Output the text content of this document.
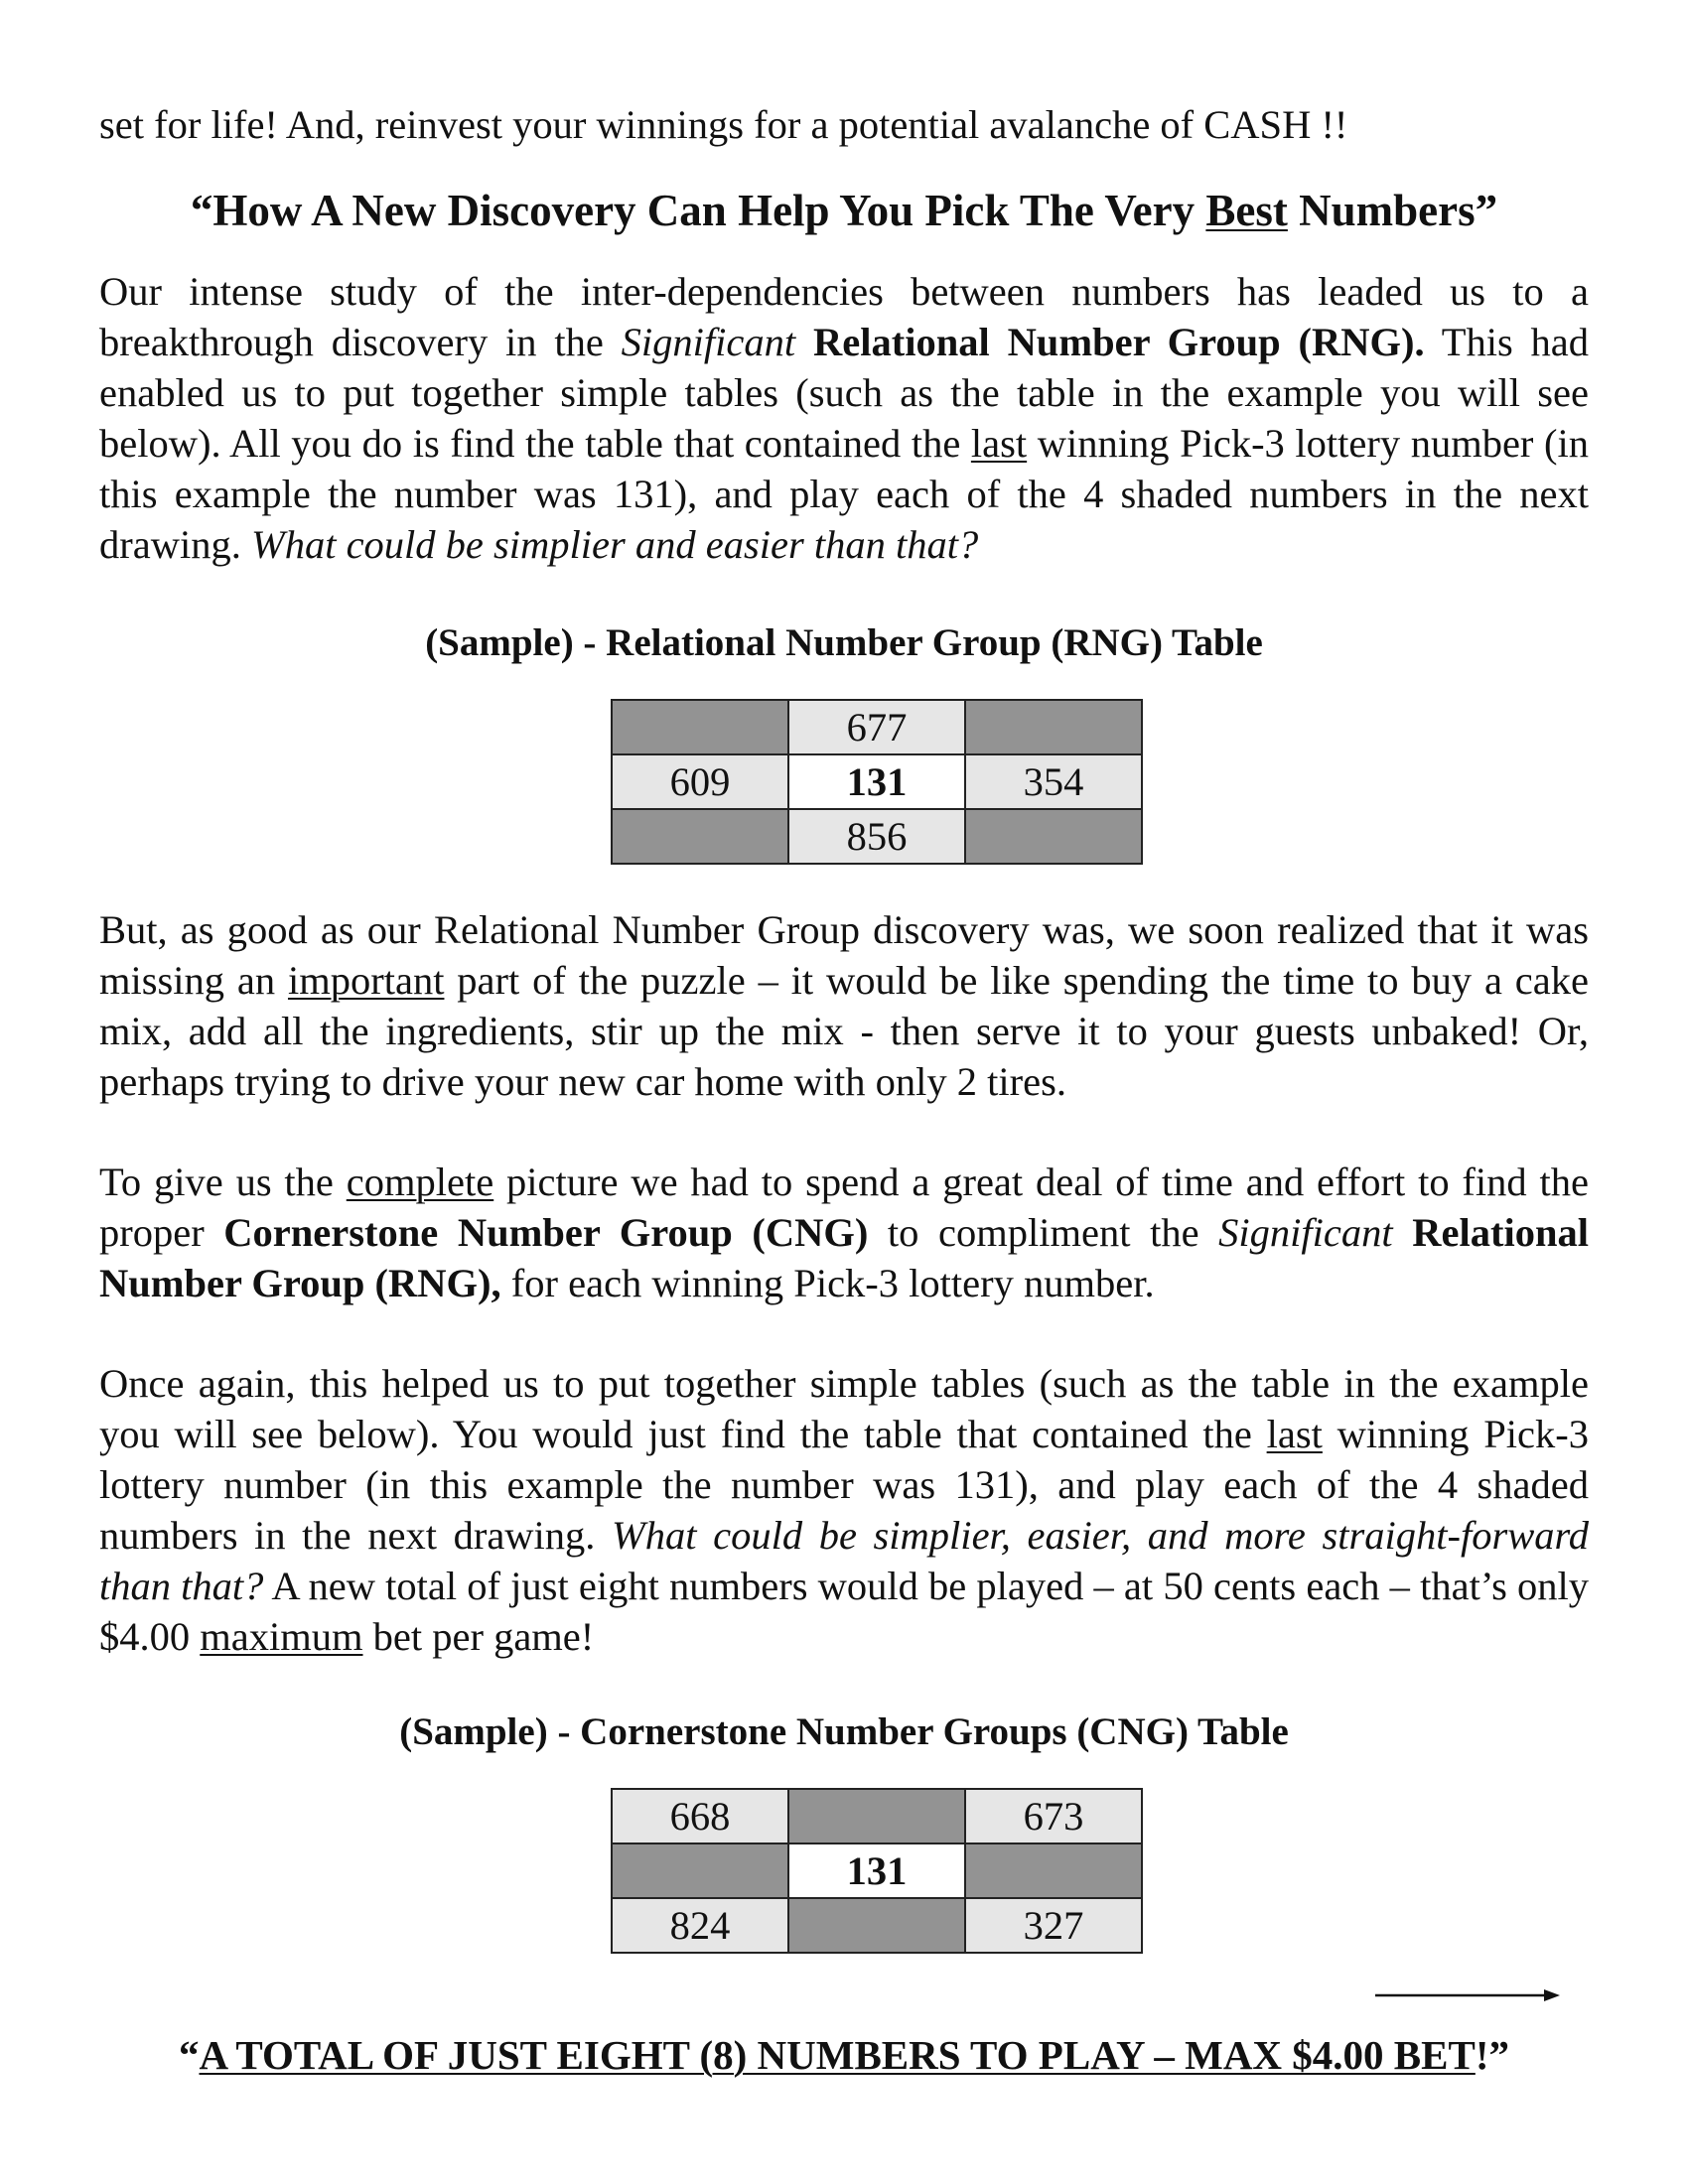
set for life! And, reinvest your winnings for a potential avalanche of CASH !!
“How A New Discovery Can Help You Pick The Very Best Numbers”

Our intense study of the inter-dependencies between numbers has leaded us to a breakthrough discovery in the Significant Relational Number Group (RNG). This had enabled us to put together simple tables (such as the table in the example you will see below). All you do is find the table that contained the last winning Pick-3 lottery number (in this example the number was 131), and play each of the 4 shaded numbers in the next drawing. What could be simplier and easier than that?

(Sample) - Relational Number Group (RNG) Table
	677	
609	131	354
	856	

But, as good as our Relational Number Group discovery was, we soon realized that it was missing an important part of the puzzle – it would be like spending the time to buy a cake mix, add all the ingredients, stir up the mix - then serve it to your guests unbaked! Or, perhaps trying to drive your new car home with only 2 tires.

To give us the complete picture we had to spend a great deal of time and effort to find the proper Cornerstone Number Group (CNG) to compliment the Significant Relational Number Group (RNG), for each winning Pick-3 lottery number.

Once again, this helped us to put together simple tables (such as the table in the example you will see below). You would just find the table that contained the last winning Pick-3 lottery number (in this example the number was 131), and play each of the 4 shaded numbers in the next drawing. What could be simplier, easier, and more straight-forward than that? A new total of just eight numbers would be played – at 50 cents each – that’s only $4.00 maximum bet per game!

(Sample) - Cornerstone Number Groups (CNG) Table
668		673
	131	
824		327
“A TOTAL OF JUST EIGHT (8) NUMBERS TO PLAY – MAX $4.00 BET!”
